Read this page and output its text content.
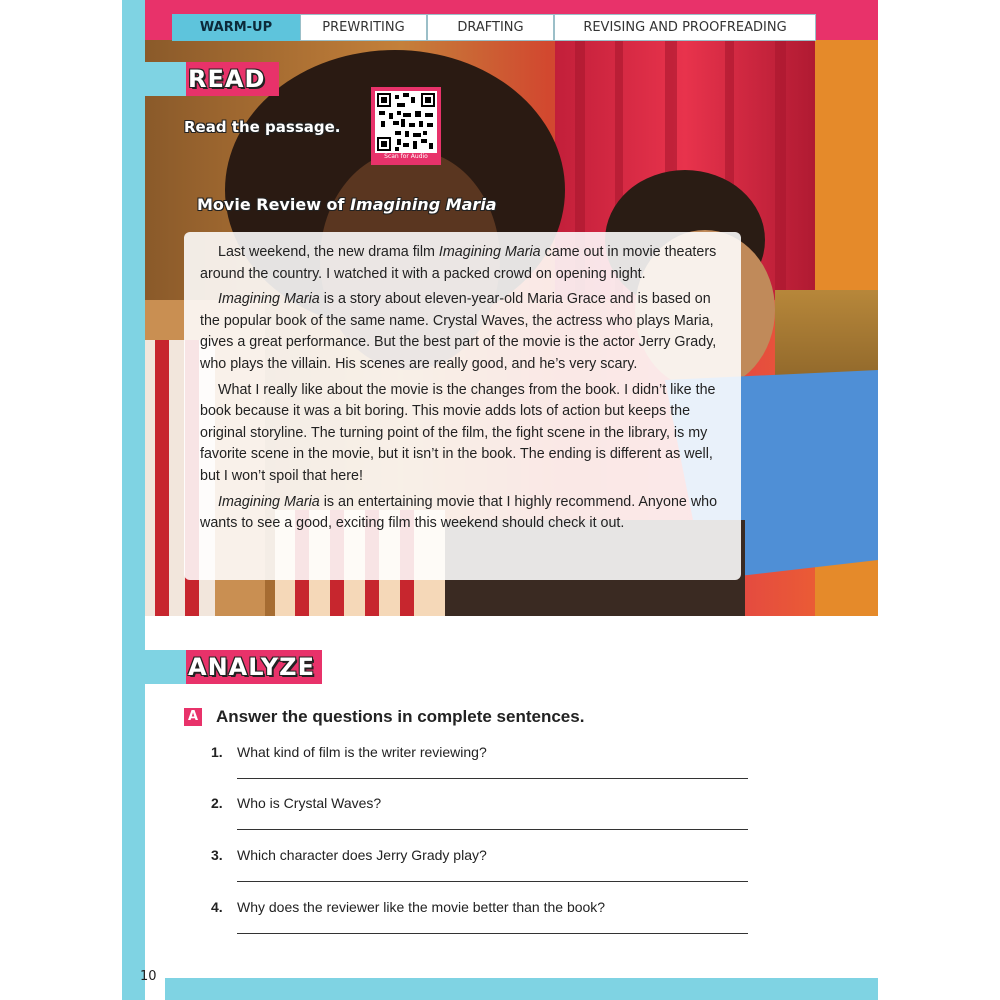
WARM-UP	PREWRITING	DRAFTING	REVISING AND PROOFREADING
READ
Read the passage.
Scan for Audio
Movie Review of Imagining Maria

Last weekend, the new drama film Imagining Maria came out in movie theaters around the country. I watched it with a packed crowd on opening night.

Imagining Maria is a story about eleven-year-old Maria Grace and is based on the popular book of the same name. Crystal Waves, the actress who plays Maria, gives a great performance. But the best part of the movie is the actor Jerry Grady, who plays the villain. His scenes are really good, and he’s very scary.

What I really like about the movie is the changes from the book. I didn’t like the book because it was a bit boring. This movie adds lots of action but keeps the original storyline. The turning point of the film, the fight scene in the library, is my favorite scene in the movie, but it isn’t in the book. The ending is different as well, but I won’t spoil that here!

Imagining Maria is an entertaining movie that I highly recommend. Anyone who wants to see a good, exciting film this weekend should check it out.

ANALYZE
A Answer the questions in complete sentences.
1. What kind of film is the writer reviewing?
2. Who is Crystal Waves?
3. Which character does Jerry Grady play?
4. Why does the reviewer like the movie better than the book?
10
